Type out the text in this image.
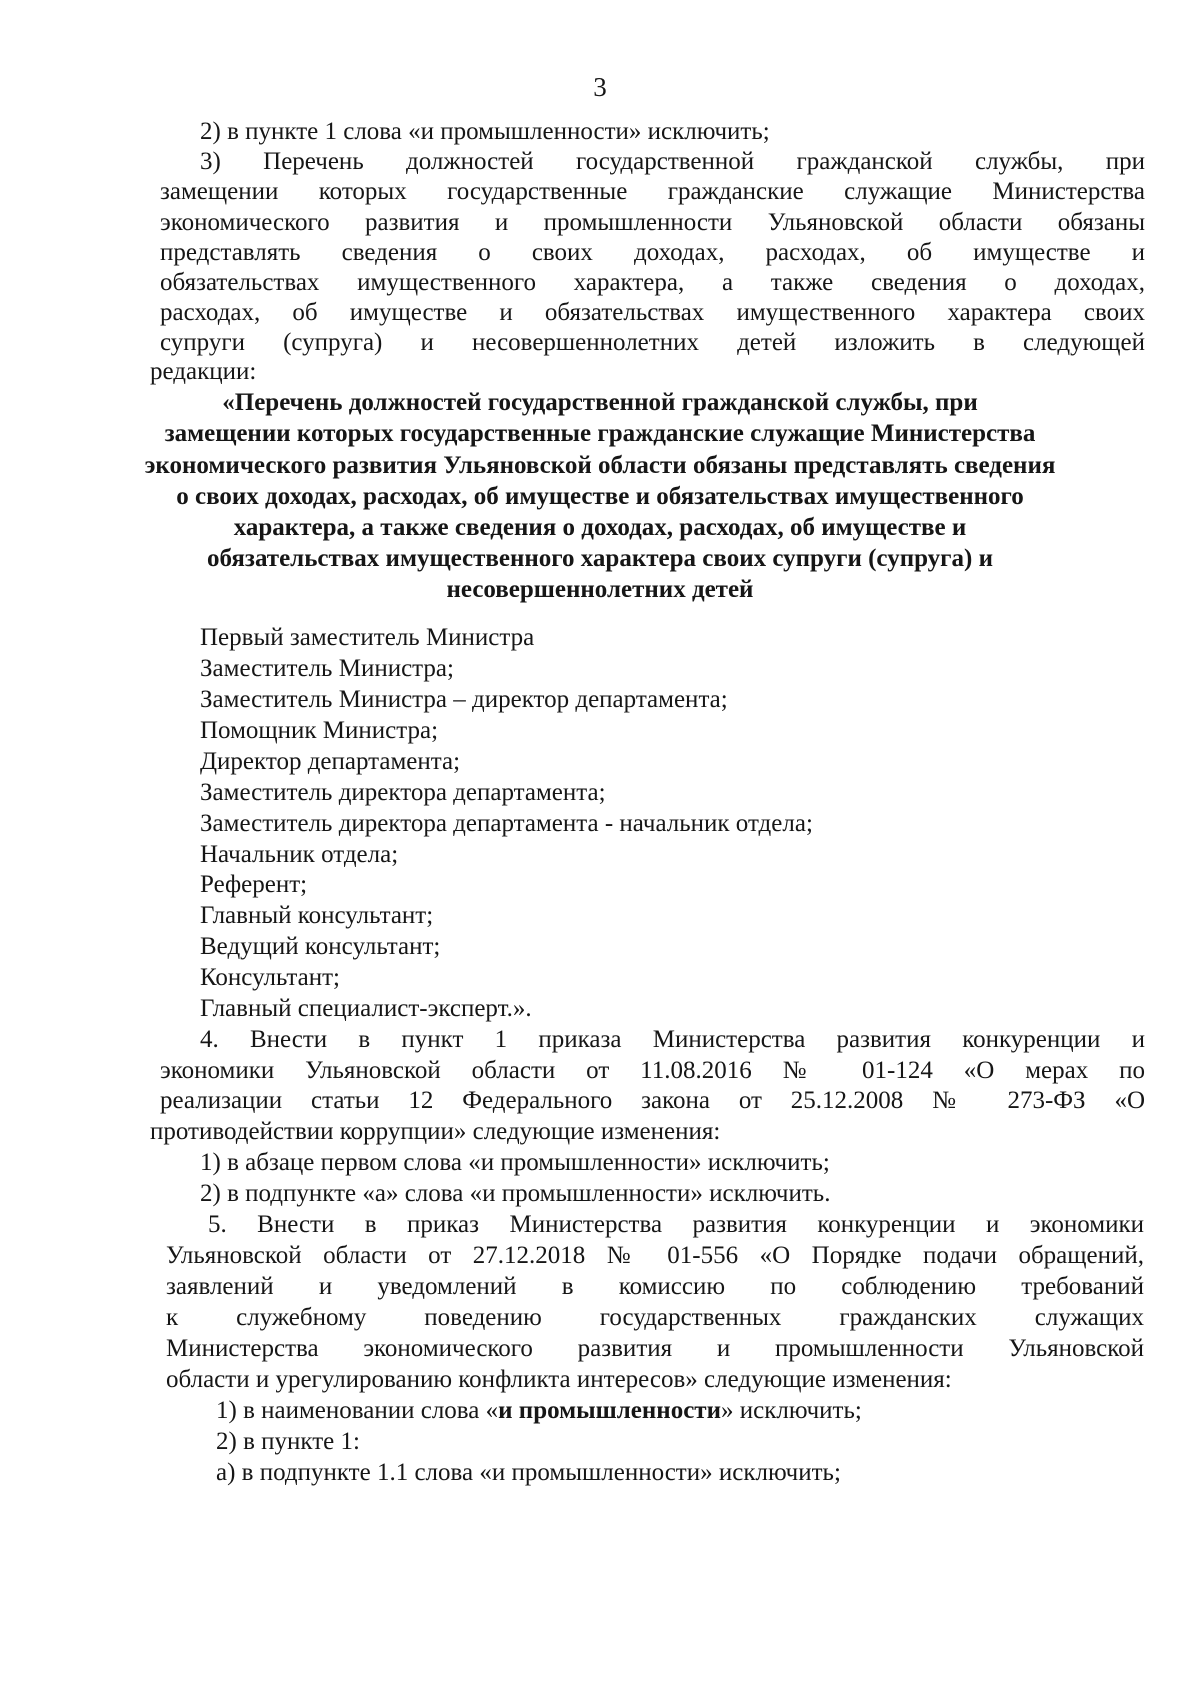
3
2) в пункте 1 слова «и промышленности» исключить;
3) Перечень должностей государственной гражданской службы, при
замещении которых государственные гражданские служащие Министерства
экономического развития и промышленности Ульяновской области обязаны
представлять сведения о своих доходах, расходах, об имуществе и
обязательствах имущественного характера, а также сведения о доходах,
расходах, об имуществе и обязательствах имущественного характера своих
супруги (супруга) и несовершеннолетних детей изложить в следующей
редакции:
«Перечень должностей государственной гражданской службы, при
замещении которых государственные гражданские служащие Министерства
экономического развития Ульяновской области обязаны представлять сведения
о своих доходах, расходах, об имуществе и обязательствах имущественного
характера, а также сведения о доходах, расходах, об имуществе и
обязательствах имущественного характера своих супруги (супруга) и
несовершеннолетних детей
Первый заместитель Министра
Заместитель Министра;
Заместитель Министра – директор департамента;
Помощник Министра;
Директор департамента;
Заместитель директора департамента;
Заместитель директора департамента - начальник отдела;
Начальник отдела;
Референт;
Главный консультант;
Ведущий консультант;
Консультант;
Главный специалист-эксперт.».
4. Внести в пункт 1 приказа Министерства развития конкуренции и
экономики Ульяновской области от 11.08.2016 № 01-124 «О мерах по
реализации статьи 12 Федерального закона от 25.12.2008 № 273-ФЗ «О
противодействии коррупции» следующие изменения:
1) в абзаце первом слова «и промышленности» исключить;
2) в подпункте «а» слова «и промышленности» исключить.
5. Внести в приказ Министерства развития конкуренции и экономики
Ульяновской области от 27.12.2018 № 01-556 «О Порядке подачи обращений,
заявлений и уведомлений в комиссию по соблюдению требований
к служебному поведению государственных гражданских служащих
Министерства экономического развития и промышленности Ульяновской
области и урегулированию конфликта интересов» следующие изменения:
1) в наименовании слова «и промышленности» исключить;
2) в пункте 1:
а) в подпункте 1.1 слова «и промышленности» исключить;
